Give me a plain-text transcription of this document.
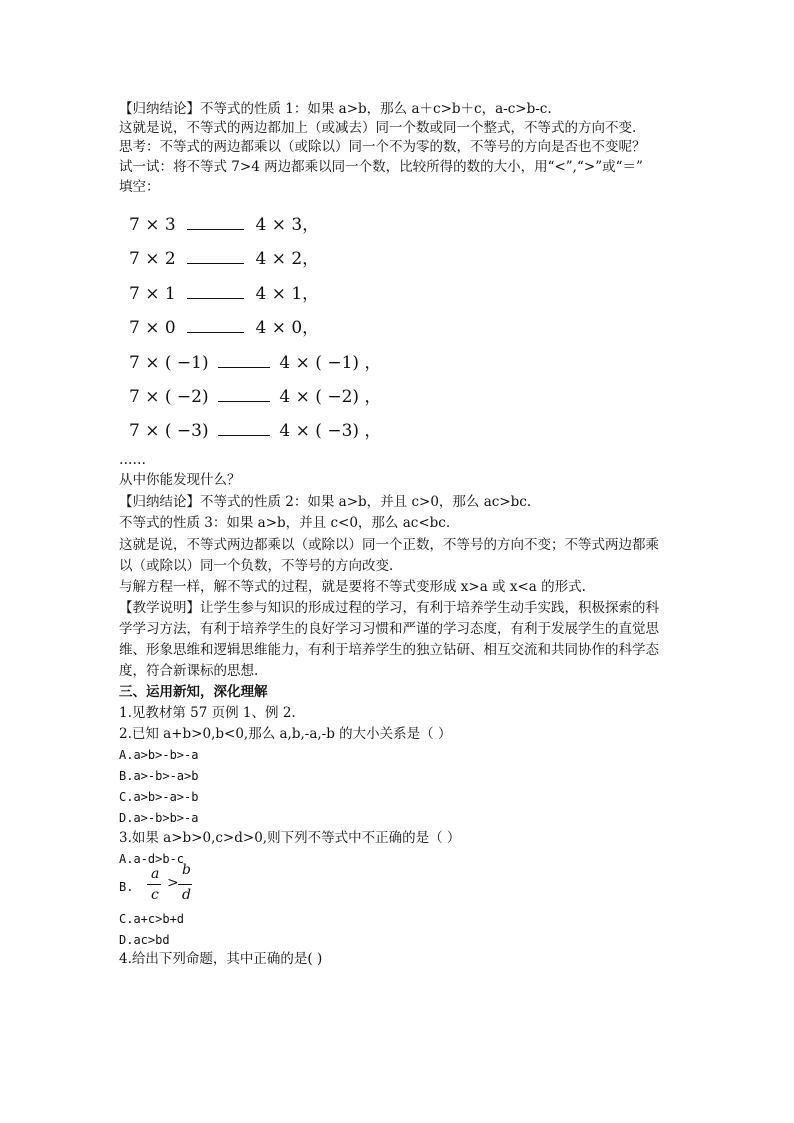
【归纳结论】不等式的性质 1：如果 a>b，那么 a＋c>b＋c，a-c>b-c.
这就是说，不等式的两边都加上（或减去）同一个数或同一个整式，不等式的方向不变.
思考：不等式的两边都乘以（或除以）同一个不为零的数，不等号的方向是否也不变呢？
试一试：将不等式 7>4 两边都乘以同一个数，比较所得的数的大小，用“<”,“>”或“＝”
填空：
7 × 3	4 × 3，
7 × 2	4 × 2，
7 × 1	4 × 1，
7 × 0	4 × 0，
7 × ( −1)	4 × ( −1) ，
7 × ( −2)	4 × ( −2) ，
7 × ( −3)	4 × ( −3) ，
……
从中你能发现什么？
【归纳结论】不等式的性质 2：如果 a>b，并且 c>0，那么 ac>bc.
不等式的性质 3：如果 a>b，并且 c<0，那么 ac<bc.
这就是说，不等式两边都乘以（或除以）同一个正数，不等号的方向不变；不等式两边都乘
以（或除以）同一个负数，不等号的方向改变.
与解方程一样，解不等式的过程，就是要将不等式变形成 x>a 或 x<a 的形式.
【教学说明】让学生参与知识的形成过程的学习，有利于培养学生动手实践，积极探索的科
学学习方法，有利于培养学生的良好学习习惯和严谨的学习态度，有利于发展学生的直觉思
维、形象思维和逻辑思维能力，有利于培养学生的独立钻研、相互交流和共同协作的科学态
度，符合新课标的思想.
三、运用新知，深化理解
1.见教材第 57 页例 1、例 2.
2.已知 a+b>0,b<0,那么 a,b,-a,-b 的大小关系是（ ）
A.a>b>-b>-a
B.a>-b>-a>b
C.a>b>-a>-b
D.a>-b>b>-a
3.如果 a>b>0,c>d>0,则下列不等式中不正确的是（ ）
A.a-d>b-c
B.
a
c
>
b
d
C.a+c>b+d
D.ac>bd
4.给出下列命题，其中正确的是( )
